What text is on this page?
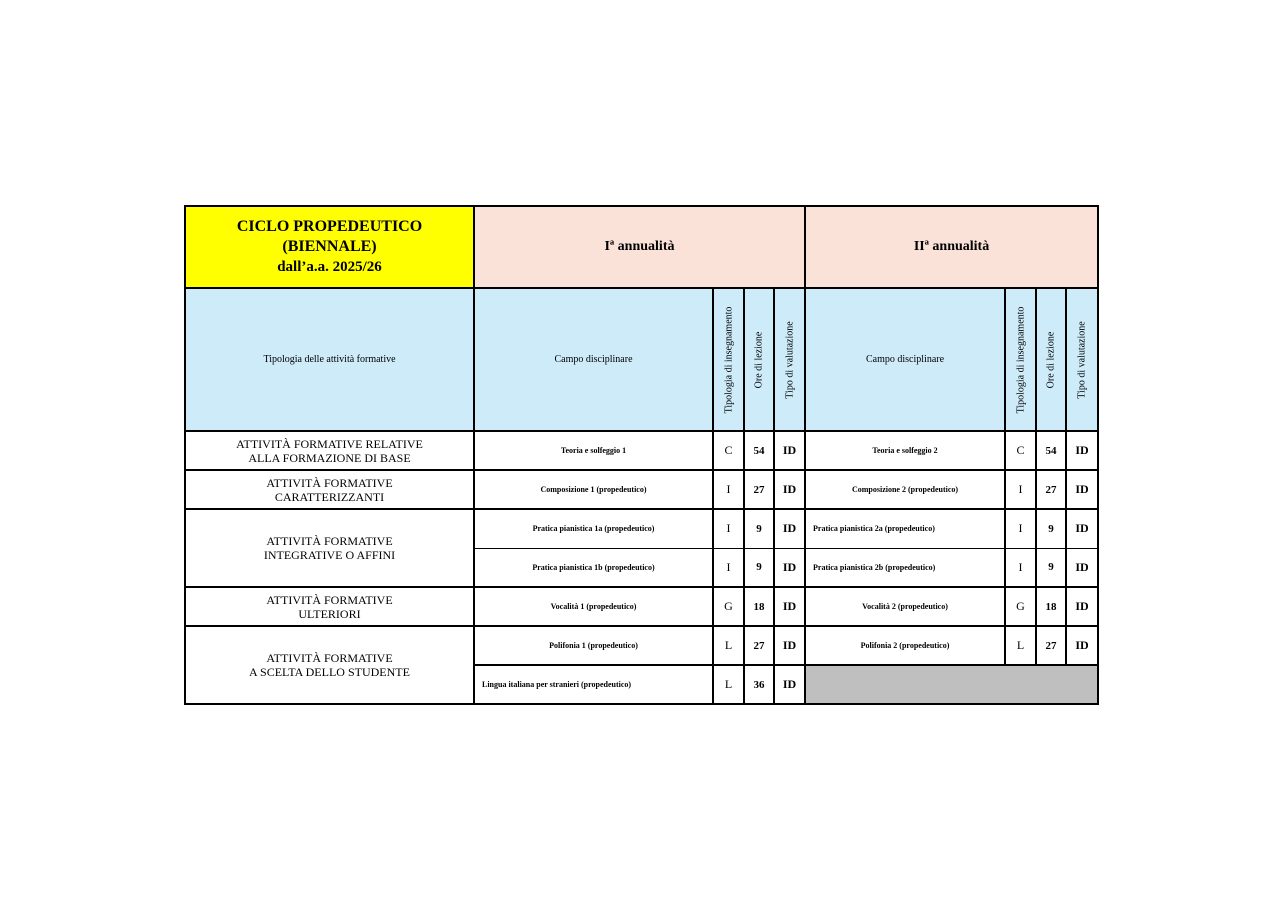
CICLO PROPEDEUTICO
(BIENNALE)
dall’a.a. 2025/26	Iª annualità				IIª annualità			
Tipologia delle attività formative	Campo disciplinare	Tipologia di insegnamento	Ore di lezione	Tipo di valutazione	Campo disciplinare	Tipologia di insegnamento	Ore di lezione	Tipo di valutazione

ATTIVITÀ FORMATIVE RELATIVE
ALLA FORMAZIONE DI BASE	Teoria e solfeggio 1	C	54	ID	Teoria e solfeggio 2	C	54	ID

ATTIVITÀ FORMATIVE
CARATTERIZZANTI	Composizione 1 (propedeutico)	I	27	ID	Composizione 2 (propedeutico)	I	27	ID

ATTIVITÀ FORMATIVE
INTEGRATIVE O AFFINI	Pratica pianistica 1a (propedeutico)	I	9	ID	Pratica pianistica 2a (propedeutico)	I	9	ID
	Pratica pianistica 1b (propedeutico)	I	9	ID	Pratica pianistica 2b (propedeutico)	I	9	ID

ATTIVITÀ FORMATIVE
ULTERIORI	Vocalità 1 (propedeutico)	G	18	ID	Vocalità 2 (propedeutico)	G	18	ID

ATTIVITÀ FORMATIVE
A SCELTA DELLO STUDENTE	Polifonia 1 (propedeutico)	L	27	ID	Polifonia 2 (propedeutico)	L	27	ID
	Lingua italiana per stranieri (propedeutico)	L	36	ID				
